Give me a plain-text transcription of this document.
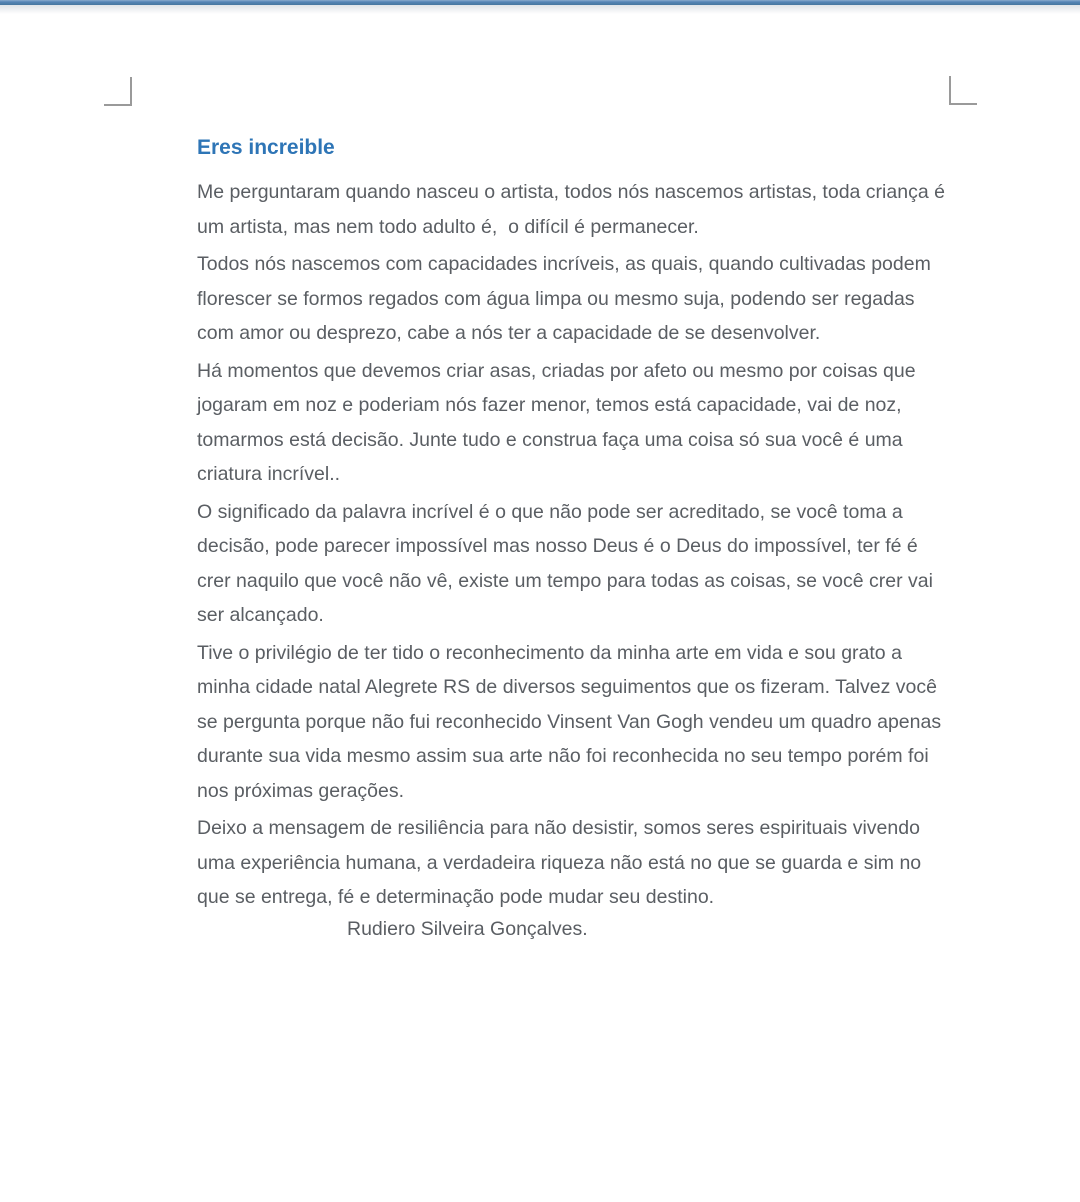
Eres increible

Me perguntaram quando nasceu o artista, todos nós nascemos artistas, toda criança é um artista, mas nem todo adulto é,  o difícil é permanecer.

Todos nós nascemos com capacidades incríveis, as quais, quando cultivadas podem florescer se formos regados com água limpa ou mesmo suja, podendo ser regadas com amor ou desprezo, cabe a nós ter a capacidade de se desenvolver.

Há momentos que devemos criar asas, criadas por afeto ou mesmo por coisas que jogaram em noz e poderiam nós fazer menor, temos está capacidade, vai de noz, tomarmos está decisão. Junte tudo e construa faça uma coisa só sua você é uma criatura incrível..

O significado da palavra incrível é o que não pode ser acreditado, se você toma a decisão, pode parecer impossível mas nosso Deus é o Deus do impossível, ter fé é crer naquilo que você não vê, existe um tempo para todas as coisas, se você crer vai ser alcançado.

Tive o privilégio de ter tido o reconhecimento da minha arte em vida e sou grato a minha cidade natal Alegrete RS de diversos seguimentos que os fizeram. Talvez você se pergunta porque não fui reconhecido Vinsent Van Gogh vendeu um quadro apenas durante sua vida mesmo assim sua arte não foi reconhecida no seu tempo porém foi nos próximas gerações.

Deixo a mensagem de resiliência para não desistir, somos seres espirituais vivendo uma experiência humana, a verdadeira riqueza não está no que se guarda e sim no que se entrega, fé e determinação pode mudar seu destino.

Rudiero Silveira Gonçalves.
